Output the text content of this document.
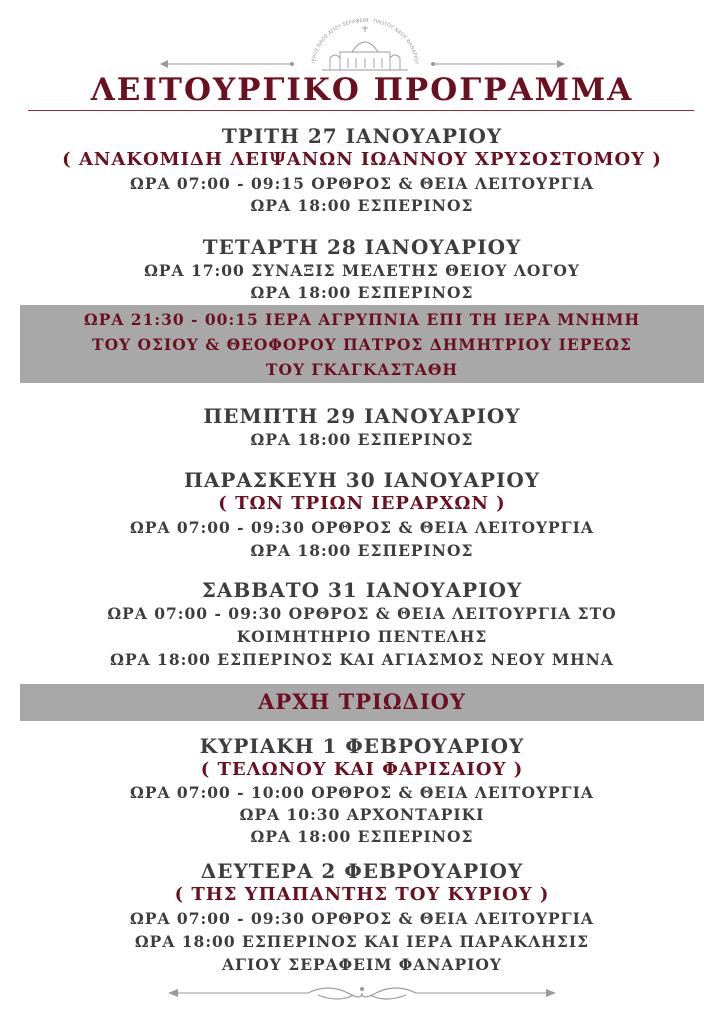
ΙΕΡΟΣ ΝΑΟΣ ΑΓΙΟΥ ΣΕΡΑΦΕΙΜ · ΠΡΩΤΟΥ ΝΑΟΥ ΦΑΝΑΡΙΟΥ
ΛΕΙΤΟΥΡΓΙΚΟ ΠΡΟΓΡΑΜΜΑ
ΤΡΙΤΗ 27 ΙΑΝΟΥΑΡΙΟΥ
( ΑΝΑΚΟΜΙΔΗ ΛΕΙΨΑΝΩΝ ΙΩΑΝΝΟΥ ΧΡΥΣΟΣΤΟΜΟΥ )
ΩΡΑ 07:00 - 09:15 ΟΡΘΡΟΣ & ΘΕΙΑ ΛΕΙΤΟΥΡΓΙΑ
ΩΡΑ 18:00 ΕΣΠΕΡΙΝΟΣ
ΤΕΤΑΡΤΗ 28 ΙΑΝΟΥΑΡΙΟΥ
ΩΡΑ 17:00 ΣΥΝΑΞΙΣ ΜΕΛΕΤΗΣ ΘΕΙΟΥ ΛΟΓΟΥ
ΩΡΑ 18:00 ΕΣΠΕΡΙΝΟΣ
ΩΡΑ 21:30 - 00:15 ΙΕΡΑ ΑΓΡΥΠΝΙΑ ΕΠΙ ΤΗ ΙΕΡΑ ΜΝΗΜΗ
ΤΟΥ ΟΣΙΟΥ & ΘΕΟΦΟΡΟΥ ΠΑΤΡΟΣ ΔΗΜΗΤΡΙΟΥ ΙΕΡΕΩΣ
ΤΟΥ ΓΚΑΓΚΑΣΤΑΘΗ
ΠΕΜΠΤΗ 29 ΙΑΝΟΥΑΡΙΟΥ
ΩΡΑ 18:00 ΕΣΠΕΡΙΝΟΣ
ΠΑΡΑΣΚΕΥΗ 30 ΙΑΝΟΥΑΡΙΟΥ
( ΤΩΝ ΤΡΙΩΝ ΙΕΡΑΡΧΩΝ )
ΩΡΑ 07:00 - 09:30 ΟΡΘΡΟΣ & ΘΕΙΑ ΛΕΙΤΟΥΡΓΙΑ
ΩΡΑ 18:00 ΕΣΠΕΡΙΝΟΣ
ΣΑΒΒΑΤΟ 31 ΙΑΝΟΥΑΡΙΟΥ
ΩΡΑ 07:00 - 09:30 ΟΡΘΡΟΣ & ΘΕΙΑ ΛΕΙΤΟΥΡΓΙΑ ΣΤΟ
ΚΟΙΜΗΤΗΡΙΟ ΠΕΝΤΕΛΗΣ
ΩΡΑ 18:00 ΕΣΠΕΡΙΝΟΣ ΚΑΙ ΑΓΙΑΣΜΟΣ ΝΕΟΥ ΜΗΝΑ
ΑΡΧΗ ΤΡΙΩΔΙΟΥ
ΚΥΡΙΑΚΗ 1 ΦΕΒΡΟΥΑΡΙΟΥ
( ΤΕΛΩΝΟΥ ΚΑΙ ΦΑΡΙΣΑΙΟΥ )
ΩΡΑ 07:00 - 10:00 ΟΡΘΡΟΣ & ΘΕΙΑ ΛΕΙΤΟΥΡΓΙΑ
ΩΡΑ 10:30 ΑΡΧΟΝΤΑΡΙΚΙ
ΩΡΑ 18:00 ΕΣΠΕΡΙΝΟΣ
ΔΕΥΤΕΡΑ 2 ΦΕΒΡΟΥΑΡΙΟΥ
( ΤΗΣ ΥΠΑΠΑΝΤΗΣ ΤΟΥ ΚΥΡΙΟΥ )
ΩΡΑ 07:00 - 09:30 ΟΡΘΡΟΣ & ΘΕΙΑ ΛΕΙΤΟΥΡΓΙΑ
ΩΡΑ 18:00 ΕΣΠΕΡΙΝΟΣ ΚΑΙ ΙΕΡΑ ΠΑΡΑΚΛΗΣΙΣ
ΑΓΙΟΥ ΣΕΡΑΦΕΙΜ ΦΑΝΑΡΙΟΥ
